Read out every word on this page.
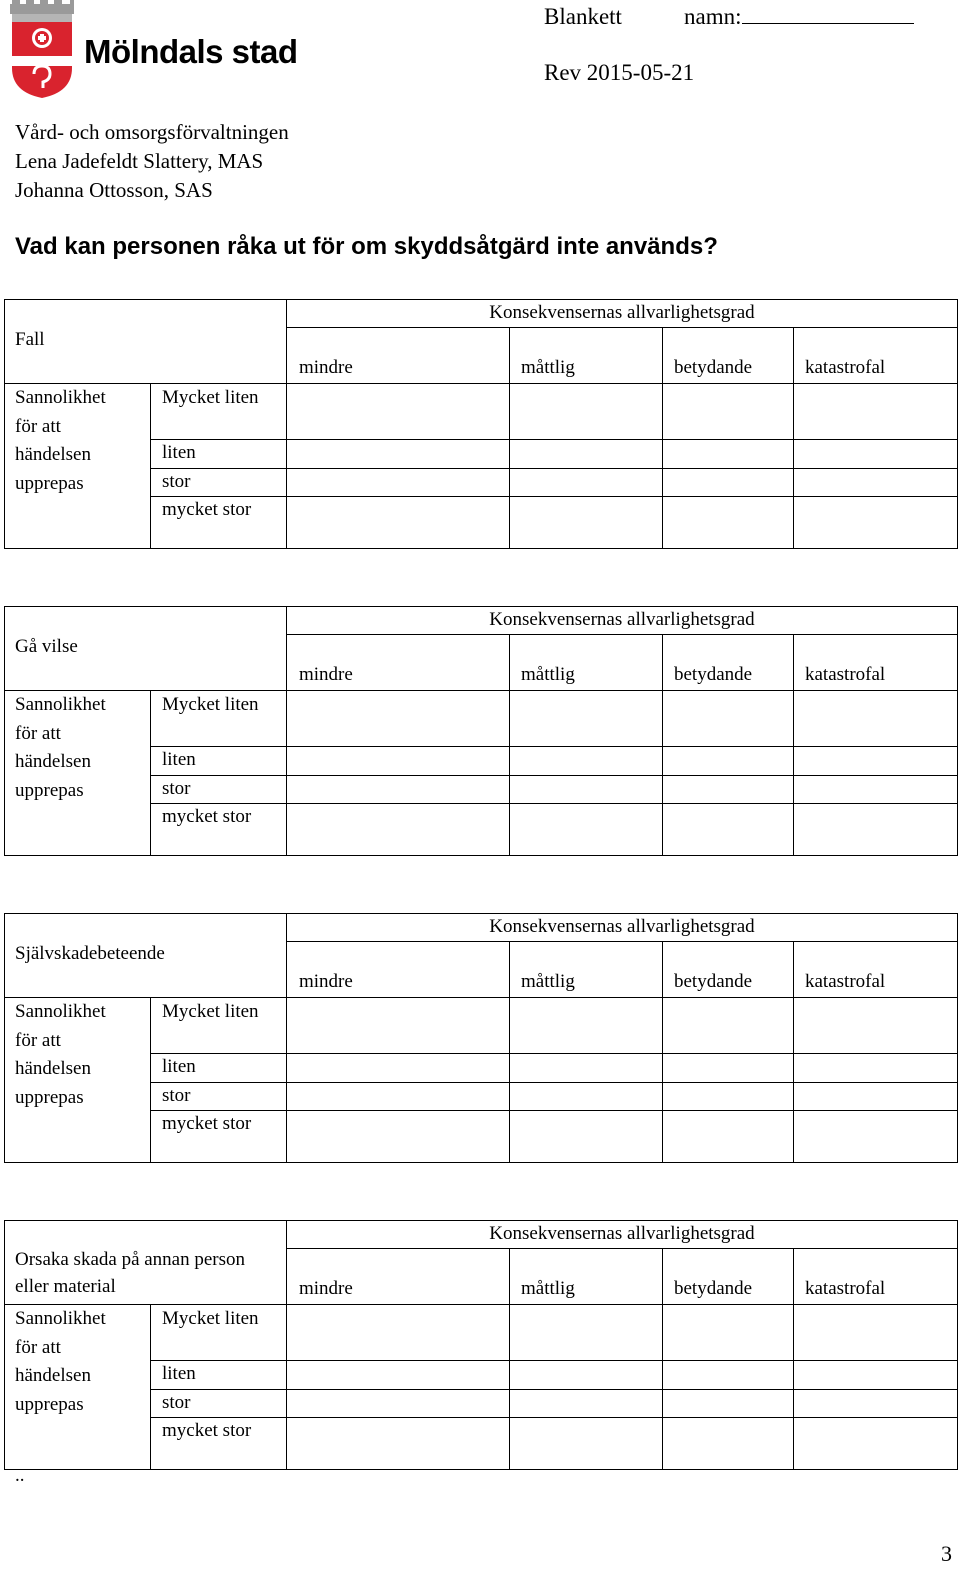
Mölndals stad
Blankett	namn:
Rev 2015-05-21
Vård- och omsorgsförvaltningen
Lena Jadefeldt Slattery, MAS
Johanna Ottosson, SAS
Vad kan personen råka ut för om skyddsåtgärd inte används?
Fall
Konsekvensernas allvarlighetsgrad
mindre	måttlig	betydande	katastrofal
Sannolikhet
för att
händelsen
upprepas
Mycket liten
liten
stor
mycket stor
Gå vilse
Konsekvensernas allvarlighetsgrad
mindre	måttlig	betydande	katastrofal
Sannolikhet
för att
händelsen
upprepas
Mycket liten
liten
stor
mycket stor
Självskadebeteende
Konsekvensernas allvarlighetsgrad
mindre	måttlig	betydande	katastrofal
Sannolikhet
för att
händelsen
upprepas
Mycket liten
liten
stor
mycket stor
Orsaka skada på annan person
eller material
Konsekvensernas allvarlighetsgrad
mindre	måttlig	betydande	katastrofal
Sannolikhet
för att
händelsen
upprepas
Mycket liten
liten
stor
mycket stor
..
3
